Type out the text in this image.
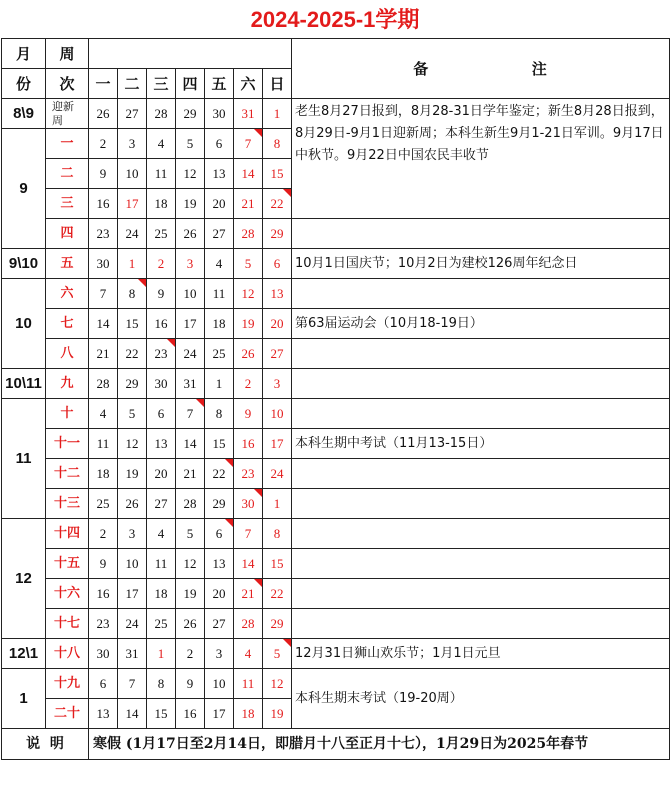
2024-2025-1学期
月	周								备 注
份	次	一	二	三	四	五	六	日	
8\9	迎新周	26	27	28	29	30	31	1	老生8月27日报到，8月28-31日学年鉴定；新生8月28日报到，8月29日-9月1日迎新周；本科生新生9月1-21日军训。9月17日中秋节。9月22日中国农民丰收节
9	一	2	3	4	5	6	7	8	
	二	9	10	11	12	13	14	15	
	三	16	17	18	19	20	21	22	

	四	23	24	25	26	27	28	29	
9\10	五	30	1	2	3	4	5	6	10月1日国庆节；10月2日为建校126周年纪念日
10	六	7	8	9	10	11	12	13	
	七	14	15	16	17	18	19	20	第63届运动会（10月18-19日）
	八	21	22	23	24	25	26	27	
10\11	九	28	29	30	31	1	2	3	
11	十	4	5	6	7	8	9	10	
	十一	11	12	13	14	15	16	17	本科生期中考试（11月13-15日）
	十二	18	19	20	21	22	23	24	
	十三	25	26	27	28	29	30	1	
12	十四	2	3	4	5	6	7	8	
	十五	9	10	11	12	13	14	15	
	十六	16	17	18	19	20	21	22	
	十七	23	24	25	26	27	28	29	
12\1	十八	30	31	1	2	3	4	5	12月31日狮山欢乐节；1月1日元旦
1	十九	6	7	8	9	10	11	12	本科生期末考试（19-20周）
	二十	13	14	15	16	17	18	19	
说  明		寒假 (1月17日至2月14日，即腊月十八至正月十七），1月29日为2025年春节							
